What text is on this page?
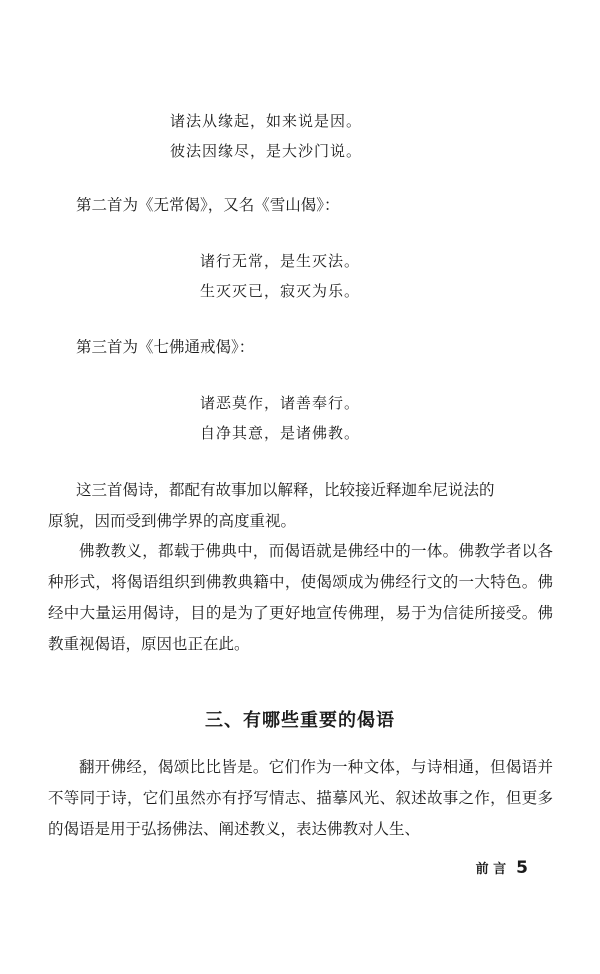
诸法从缘起，如来说是因。
彼法因缘尽，是大沙门说。
第二首为《无常偈》，又名《雪山偈》：
诸行无常，是生灭法。
生灭灭已，寂灭为乐。
第三首为《七佛通戒偈》：
诸恶莫作，诸善奉行。
自净其意，是诸佛教。
这三首偈诗，都配有故事加以解释，比较接近释迦牟尼说法的
原貌，因而受到佛学界的高度重视。
佛教教义，都载于佛典中，而偈语就是佛经中的一体。佛教学者以各种形式，将偈语组织到佛教典籍中，使偈颂成为佛经行文的一大特色。佛经中大量运用偈诗，目的是为了更好地宣传佛理，易于为信徒所接受。佛教重视偈语，原因也正在此。
三、有哪些重要的偈语
翻开佛经，偈颂比比皆是。它们作为一种文体，与诗相通，但偈语并不等同于诗，它们虽然亦有抒写情志、描摹风光、叙述故事之作，但更多的偈语是用于弘扬佛法、阐述教义，表达佛教对人生、
前 言 5
